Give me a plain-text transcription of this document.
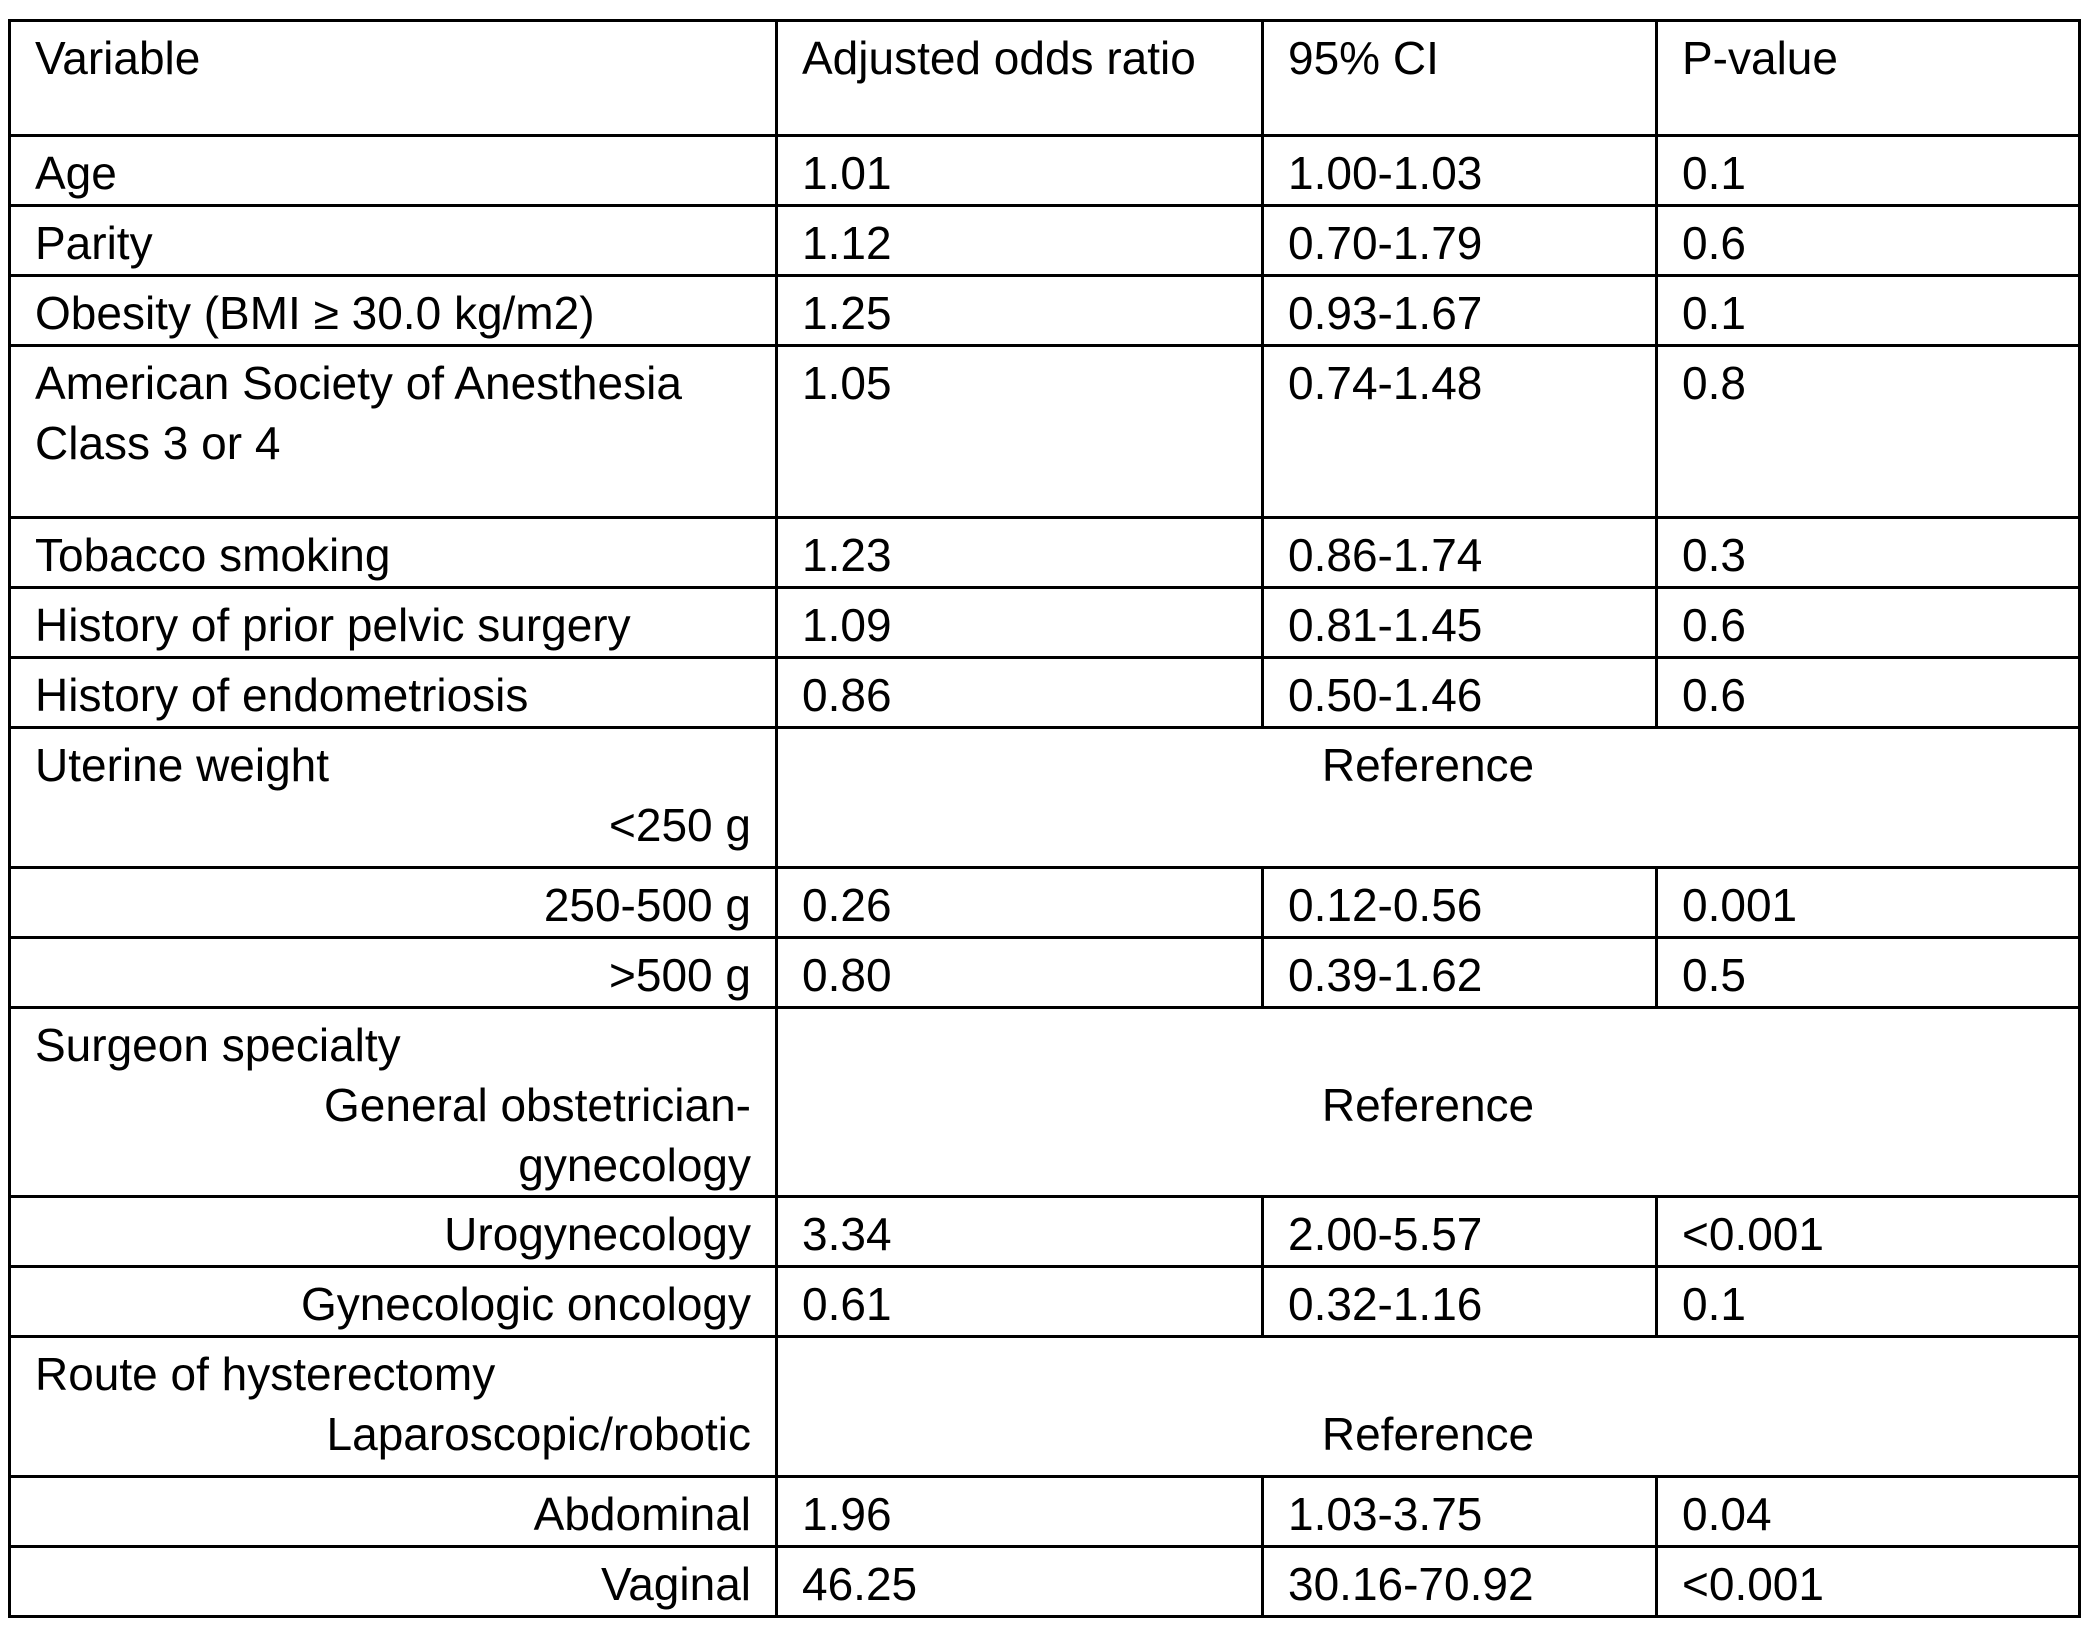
Variable	Adjusted odds ratio	95% CI	P-value
Age	1.01	1.00-1.03	0.1
Parity	1.12	0.70-1.79	0.6
Obesity (BMI ≥ 30.0 kg/m2)	1.25	0.93-1.67	0.1

American Society of Anesthesia
Class 3 or 4	1.05	0.74-1.48	0.8
Tobacco smoking	1.23	0.86-1.74	0.3
History of prior pelvic surgery	1.09	0.81-1.45	0.6
History of endometriosis	0.86	0.50-1.46	0.6

Uterine weight
<250 g	Reference		
250-500 g	0.26	0.12-0.56	0.001
>500 g	0.80	0.39-1.62	0.5

Surgeon specialty
General obstetrician-
gynecology	Reference		
Urogynecology	3.34	2.00-5.57	<0.001
Gynecologic oncology	0.61	0.32-1.16	0.1

Route of hysterectomy
Laparoscopic/robotic	Reference		
Abdominal	1.96	1.03-3.75	0.04
Vaginal	46.25	30.16-70.92	<0.001
